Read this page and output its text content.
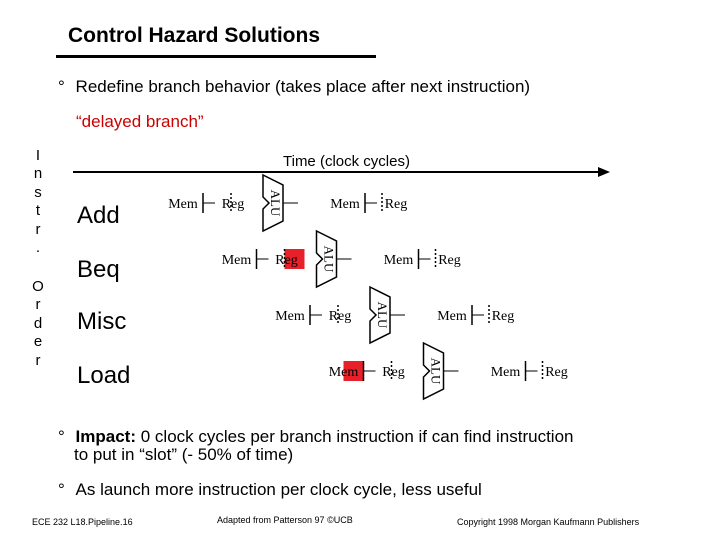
Control Hazard Solutions
° Redefine branch behavior (takes place after next instruction)
“delayed branch”
I
n
s
t
r
.
O
r
d
e
r
Add
Beq
Misc
Load
Time (clock cycles)
Mem Reg ALU	Mem Reg
Mem Reg ALU	Mem Reg
Mem Reg ALU	Mem Reg
Mem Reg ALU	Mem Reg
° Impact: 0 clock cycles per branch instruction if can find instruction
to put in “slot” (- 50% of time)
° As launch more instruction per clock cycle, less useful
ECE 232 L18.Pipeline.16	Adapted from Patterson 97 ©UCB	Copyright 1998 Morgan Kaufmann Publishers
